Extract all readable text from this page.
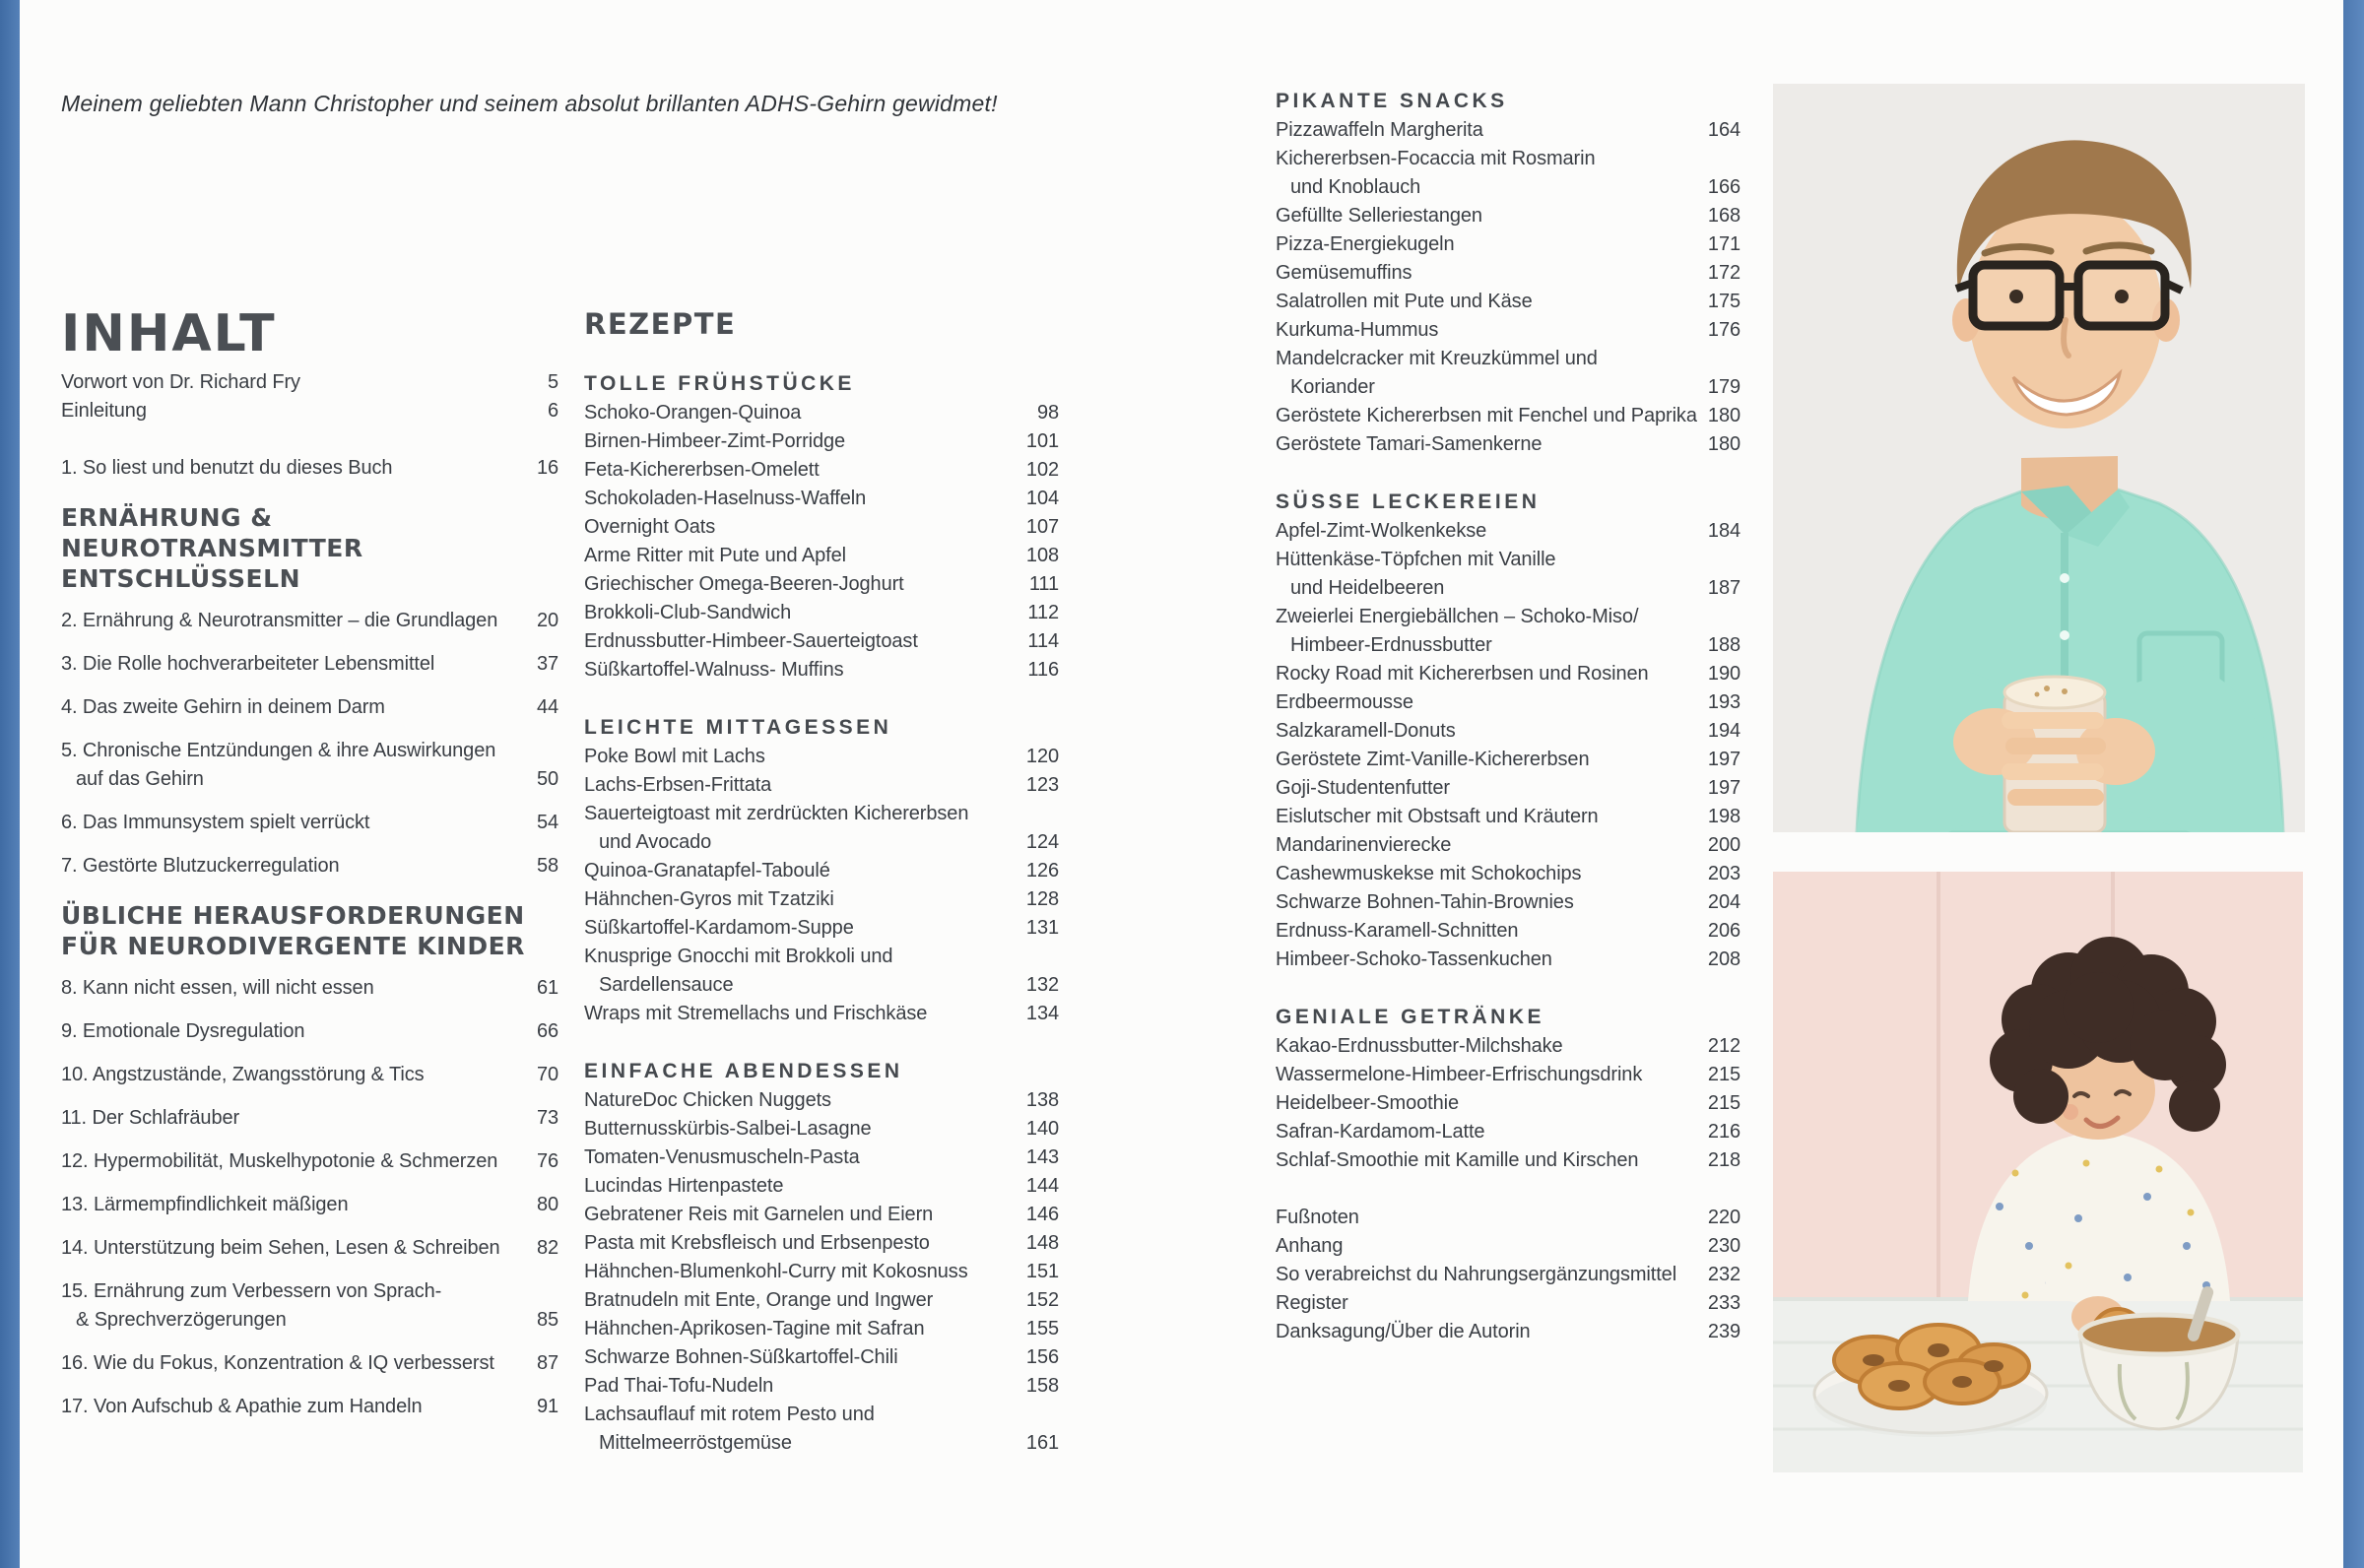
Meinem geliebten Mann Christopher und seinem absolut brillanten ADHS-Gehirn gewidmet!
INHALT
Vorwort von Dr. Richard Fry	5
Einleitung	6
1. So liest und benutzt du dieses Buch	16
ERNÄHRUNG & NEUROTRANSMITTER
ENTSCHLÜSSELN
2. Ernährung & Neurotransmitter – die Grundlagen 20
3. Die Rolle hochverarbeiteter Lebensmittel	37
4. Das zweite Gehirn in deinem Darm	44
5. Chronische Entzündungen & ihre Auswirkungen
auf das Gehirn	50
6. Das Immunsystem spielt verrückt	54
7. Gestörte Blutzuckerregulation	58
ÜBLICHE HERAUSFORDERUNGEN
FÜR NEURODIVERGENTE KINDER
8. Kann nicht essen, will nicht essen	61
9. Emotionale Dysregulation	66
10. Angstzustände, Zwangsstörung & Tics	70
11. Der Schlafräuber	73
12. Hypermobilität, Muskelhypotonie & Schmerzen 76
13. Lärmempfindlichkeit mäßigen	80
14. Unterstützung beim Sehen, Lesen & Schreiben 82
15. Ernährung zum Verbessern von Sprach-
& Sprechverzögerungen	85
16. Wie du Fokus, Konzentration & IQ verbesserst 87
17. Von Aufschub & Apathie zum Handeln	91
REZEPTE
TOLLE FRÜHSTÜCKE
Schoko-Orangen-Quinoa	98
Birnen-Himbeer-Zimt-Porridge	101
Feta-Kichererbsen-Omelett	102
Schokoladen-Haselnuss-Waffeln	104
Overnight Oats	107
Arme Ritter mit Pute und Apfel	108
Griechischer Omega-Beeren-Joghurt	111
Brokkoli-Club-Sandwich	112
Erdnussbutter-Himbeer-Sauerteigtoast	114
Süßkartoffel-Walnuss- Muffins	116
LEICHTE MITTAGESSEN
Poke Bowl mit Lachs	120
Lachs-Erbsen-Frittata	123
Sauerteigtoast mit zerdrückten Kichererbsen
und Avocado	124
Quinoa-Granatapfel-Taboulé	126
Hähnchen-Gyros mit Tzatziki	128
Süßkartoffel-Kardamom-Suppe	131
Knusprige Gnocchi mit Brokkoli und
Sardellensauce	132
Wraps mit Stremellachs und Frischkäse	134
EINFACHE ABENDESSEN
NatureDoc Chicken Nuggets	138
Butternusskürbis-Salbei-Lasagne	140
Tomaten-Venusmuscheln-Pasta	143
Lucindas Hirtenpastete	144
Gebratener Reis mit Garnelen und Eiern	146
Pasta mit Krebsfleisch und Erbsenpesto	148
Hähnchen-Blumenkohl-Curry mit Kokosnuss	151
Bratnudeln mit Ente, Orange und Ingwer	152
Hähnchen-Aprikosen-Tagine mit Safran	155
Schwarze Bohnen-Süßkartoffel-Chili	156
Pad Thai-Tofu-Nudeln	158
Lachsauflauf mit rotem Pesto und
Mittelmeerröstgemüse	161
PIKANTE SNACKS
Pizzawaffeln Margherita	164
Kichererbsen-Focaccia mit Rosmarin
und Knoblauch	166
Gefüllte Selleriestangen	168
Pizza-Energiekugeln	171
Gemüsemuffins	172
Salatrollen mit Pute und Käse	175
Kurkuma-Hummus	176
Mandelcracker mit Kreuzkümmel und
Koriander	179
Geröstete Kichererbsen mit Fenchel und Paprika 180
Geröstete Tamari-Samenkerne	180
SÜSSE LECKEREIEN
Apfel-Zimt-Wolkenkekse	184
Hüttenkäse-Töpfchen mit Vanille
und Heidelbeeren	187
Zweierlei Energiebällchen – Schoko-Miso/
Himbeer-Erdnussbutter	188
Rocky Road mit Kichererbsen und Rosinen	190
Erdbeermousse	193
Salzkaramell-Donuts	194
Geröstete Zimt-Vanille-Kichererbsen	197
Goji-Studentenfutter	197
Eislutscher mit Obstsaft und Kräutern	198
Mandarinenvierecke	200
Cashewmuskekse mit Schokochips	203
Schwarze Bohnen-Tahin-Brownies	204
Erdnuss-Karamell-Schnitten	206
Himbeer-Schoko-Tassenkuchen	208
GENIALE GETRÄNKE
Kakao-Erdnussbutter-Milchshake	212
Wassermelone-Himbeer-Erfrischungsdrink	215
Heidelbeer-Smoothie	215
Safran-Kardamom-Latte	216
Schlaf-Smoothie mit Kamille und Kirschen	218
Fußnoten	220
Anhang	230
So verabreichst du Nahrungsergänzungsmittel 232
Register	233
Danksagung/Über die Autorin	239
